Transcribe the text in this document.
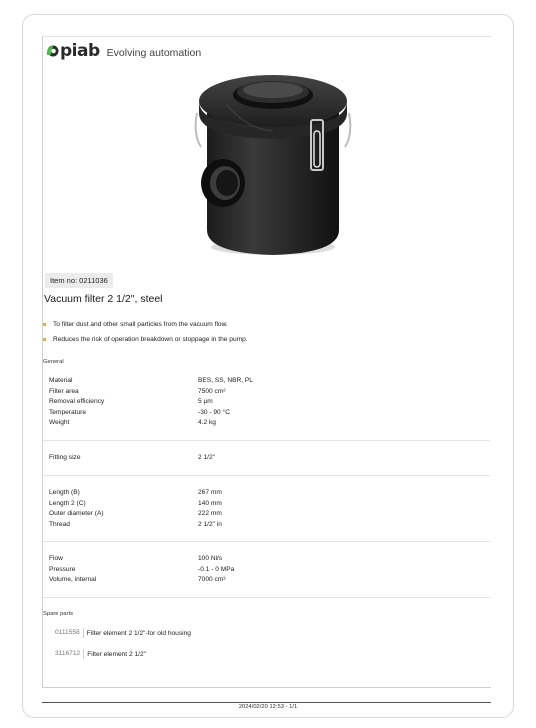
piab Evolving automation
Item no: 0211036
Vacuum filter 2 1/2", steel
To filter dust and other small particles from the vacuum flow.
Reduces the risk of operation breakdown or stoppage in the pump.
General
Material	BES, SS, NBR, PL
Filter area	7500 cm²
Removal efficiency	5 µm
Temperature	-30 - 90 °C
Weight	4.2 kg
Fitting size	2 1/2"
Length (B)	267 mm
Length 2 (C)	140 mm
Outer diameter (A)	222 mm
Thread	2 1/2" in
Flow	100 Nl/s
Pressure	-0.1 - 0 MPa
Volume, internal	7000 cm³
Spare parts
0111558	Filter element 2 1/2"-for old housing
3116712	Filter element 2 1/2"
2024/02/20 12:53 - 1/1
